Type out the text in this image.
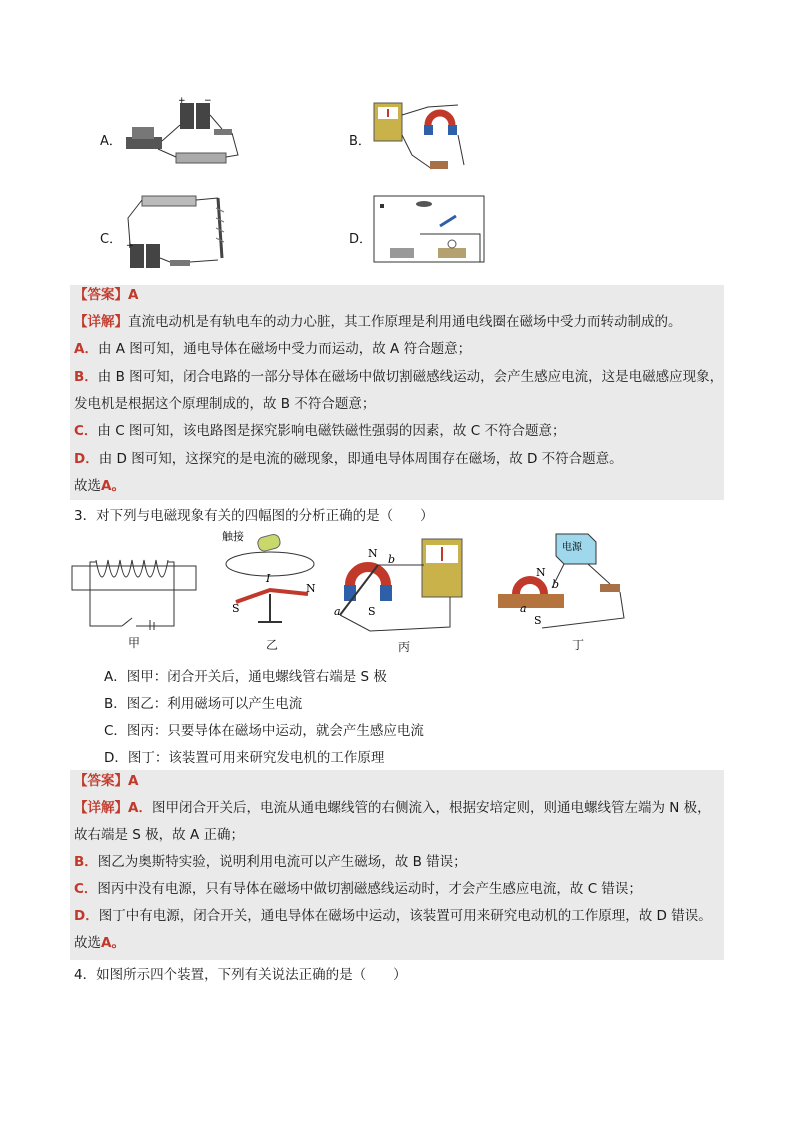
A．
+ −
B．
C． +	D．
【答案】A
【详解】直流电动机是有轨电车的动力心脏，其工作原理是利用通电线圈在磁场中受力而转动制成的。
A．由 A 图可知，通电导体在磁场中受力而运动，故 A 符合题意；
B．由 B 图可知，闭合电路的一部分导体在磁场中做切割磁感线运动，会产生感应电流，这是电磁感应现象，
发电机是根据这个原理制成的，故 B 不符合题意；
C．由 C 图可知，该电路图是探究影响电磁铁磁性强弱的因素，故 C 不符合题意；
D．由 D 图可知，这探究的是电流的磁现象，即通电导体周围存在磁场，故 D 不符合题意。
故选A。
3．对下列与电磁现象有关的四幅图的分析正确的是（　　）
甲
触接
I
S
N
乙
N
S
a
b
丙
电源
N
S
a
b
丁
A．图甲：闭合开关后，通电螺线管右端是 S 极
B．图乙：利用磁场可以产生电流
C．图丙：只要导体在磁场中运动，就会产生感应电流
D．图丁：该装置可用来研究发电机的工作原理
【答案】A
【详解】A．图甲闭合开关后，电流从通电螺线管的右侧流入，根据安培定则，则通电螺线管左端为 N 极，
故右端是 S 极，故 A 正确；
B．图乙为奥斯特实验，说明利用电流可以产生磁场，故 B 错误；
C．图丙中没有电源，只有导体在磁场中做切割磁感线运动时，才会产生感应电流，故 C 错误；
D．图丁中有电源，闭合开关，通电导体在磁场中运动，该装置可用来研究电动机的工作原理，故 D 错误。
故选A。
4．如图所示四个装置，下列有关说法正确的是（　　）
